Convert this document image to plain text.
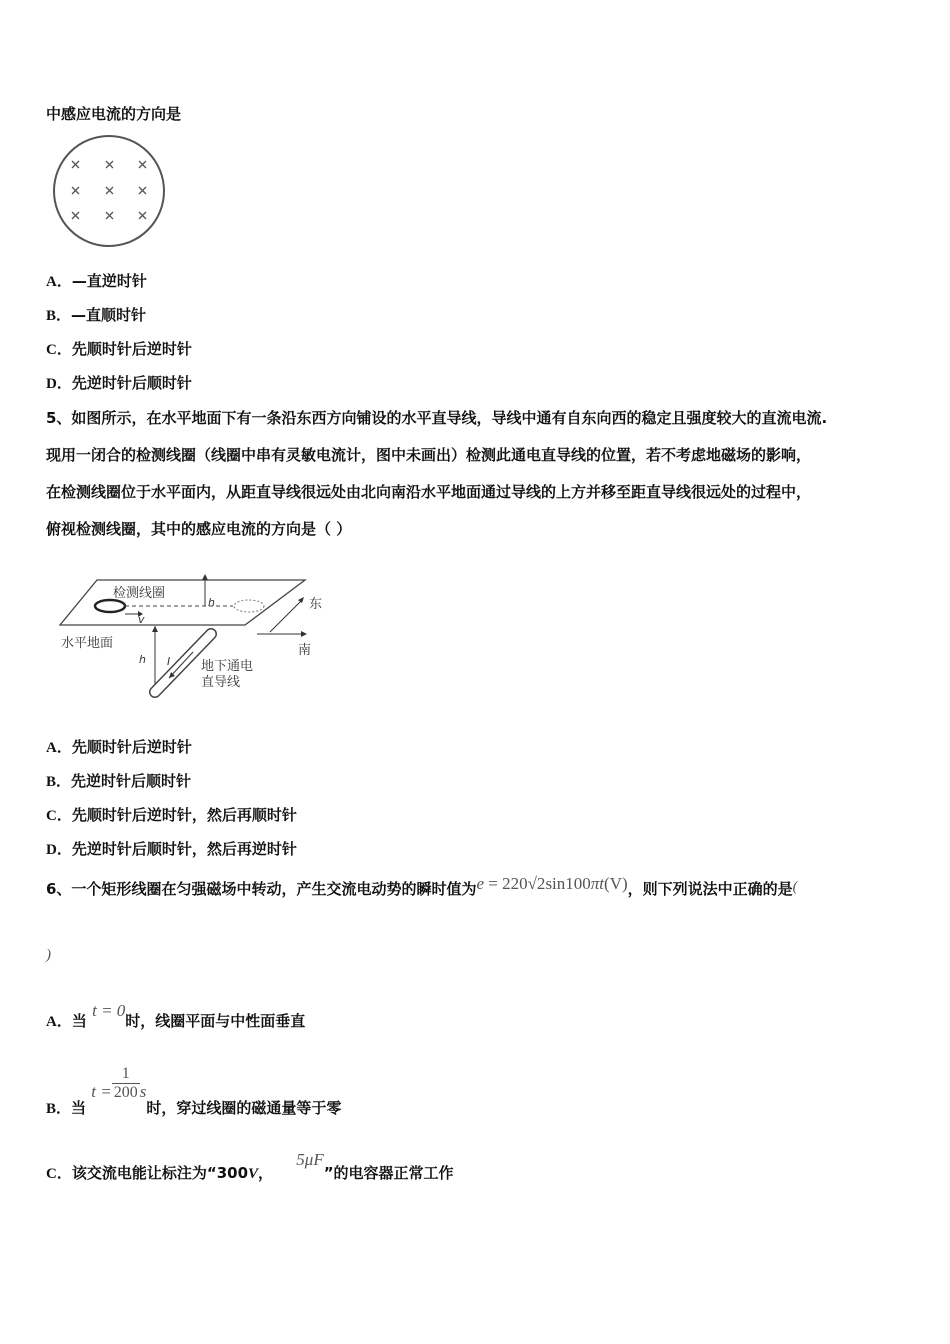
中感应电流的方向是
A．—直逆时针
B．—直顺时针
C．先顺时针后逆时针
D．先逆时针后顺时针
5、如图所示，在水平地面下有一条沿东西方向铺设的水平直导线，导线中通有自东向西的稳定且强度较大的直流电流.
现用一闭合的检测线圈（线圈中串有灵敏电流计，图中未画出）检测此通电直导线的位置，若不考虑地磁场的影响，
在检测线圈位于水平面内，从距直导线很远处由北向南沿水平地面通过导线的上方并移至距直导线很远处的过程中，
俯视检测线圈，其中的感应电流的方向是（ ）
v
h
检测线圈
水平地面
h I 地下通电
直导线
东
南
A．先顺时针后逆时针
B．先逆时针后顺时针
C．先顺时针后逆时针，然后再顺时针
D．先逆时针后顺时针，然后再逆时针
6、一个矩形线圈在匀强磁场中转动，产生交流电动势的瞬时值为e = 220√2sin100πt(V)，则下列说法中正确的是(
)
A．当 t = 0时，线圈平面与中性面垂直
B．当 $t = \frac{1}{200}$ s时，穿过线圈的磁通量等于零
C．该交流电能让标注为“300V， 5μF”的电容器正常工作
